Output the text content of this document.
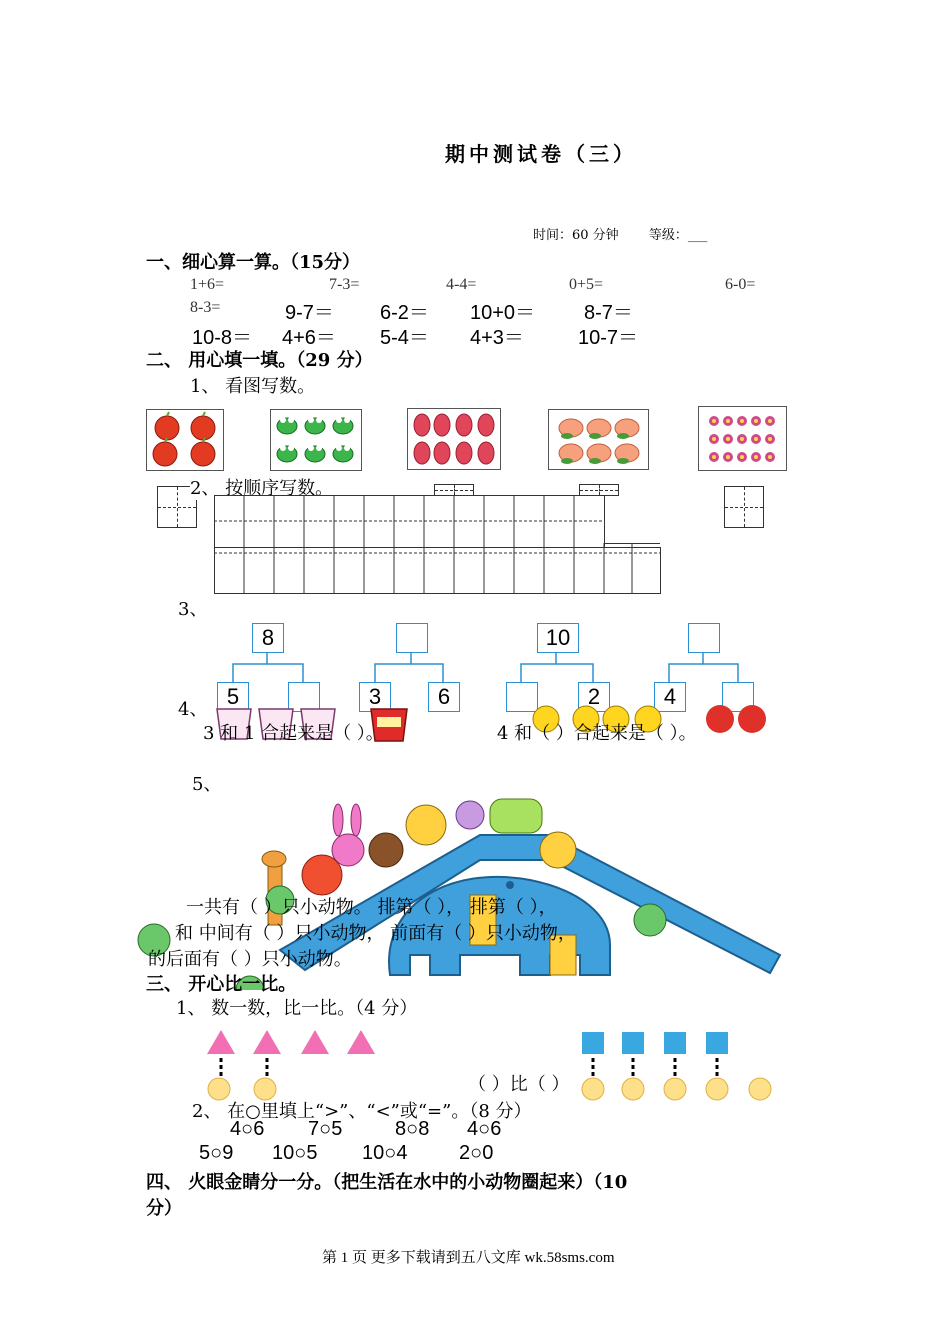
期中测试卷（三）
时间：60 分钟 等级：___
一、细心算一算。（15分）
1+6=	7-3=	4-4=	0+5=	6-0=
8-3=	9-7＝ 6-2＝ 10+0＝ 8-7＝
10-8＝ 4+6＝ 5-4＝ 4+3＝	10-7＝
二、 用心填一填。（29 分）
1、 看图写数。
2、 按顺序写数。
3、
8
5	3	6
10
2	4
4、
3 和 1 合起来是（ ）。	4 和（ ）合起来是（ ）。
5、
一共有（ ）只小动物。 排第（ ）， 排第（ ），
和 中间有（ ）只小动物， 前面有（ ）只小动物，
的后面有（ ）只小动物。
三、 开心比一比。
1、 数一数，比一比。（4 分）
（ ）比（ ）
2、 在○里填上“>”、“<”或“=”。（8 分）
4○6 7○5	8○8 4○6
5○9 10○5 10○4	2○0
四、 火眼金睛分一分。（把生活在水中的小动物圈起来）（10
分）
第 1 页 更多下载请到五八文库 wk.58sms.com
